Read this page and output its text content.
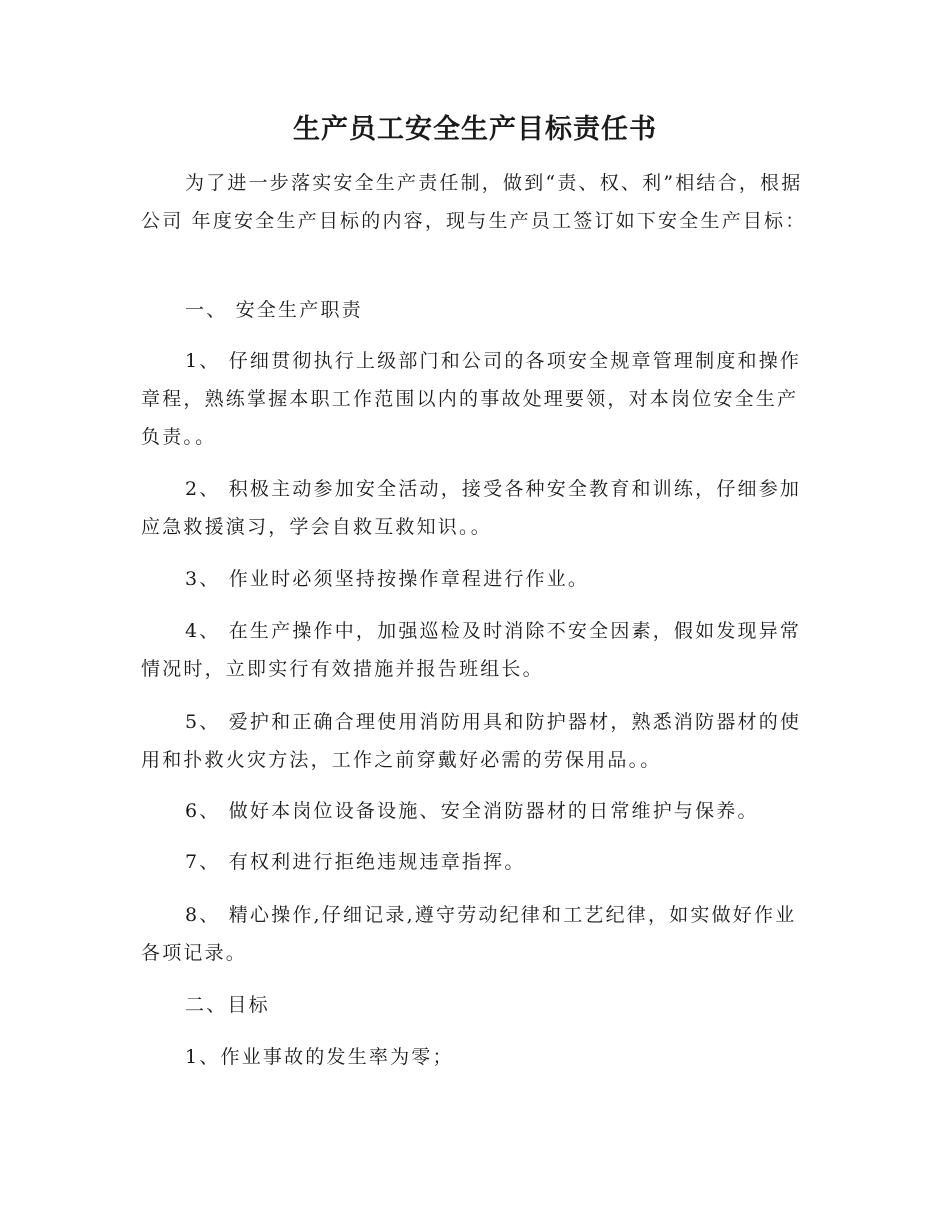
生产员工安全生产目标责任书

为了进一步落实安全生产责任制，做到“责、权、利”相结合，根据公司 年度安全生产目标的内容，现与生产员工签订如下安全生产目标：

一、 安全生产职责

1、 仔细贯彻执行上级部门和公司的各项安全规章管理制度和操作章程，熟练掌握本职工作范围以内的事故处理要领，对本岗位安全生产负责。。

2、 积极主动参加安全活动，接受各种安全教育和训练，仔细参加应急救援演习，学会自救互救知识。。

3、 作业时必须坚持按操作章程进行作业。

4、 在生产操作中，加强巡检及时消除不安全因素，假如发现异常情况时，立即实行有效措施并报告班组长。

5、 爱护和正确合理使用消防用具和防护器材，熟悉消防器材的使用和扑救火灾方法，工作之前穿戴好必需的劳保用品。。

6、 做好本岗位设备设施、安全消防器材的日常维护与保养。

7、 有权利进行拒绝违规违章指挥。

8、 精心操作,仔细记录,遵守劳动纪律和工艺纪律，如实做好作业各项记录。

二、目标

1、作业事故的发生率为零；
